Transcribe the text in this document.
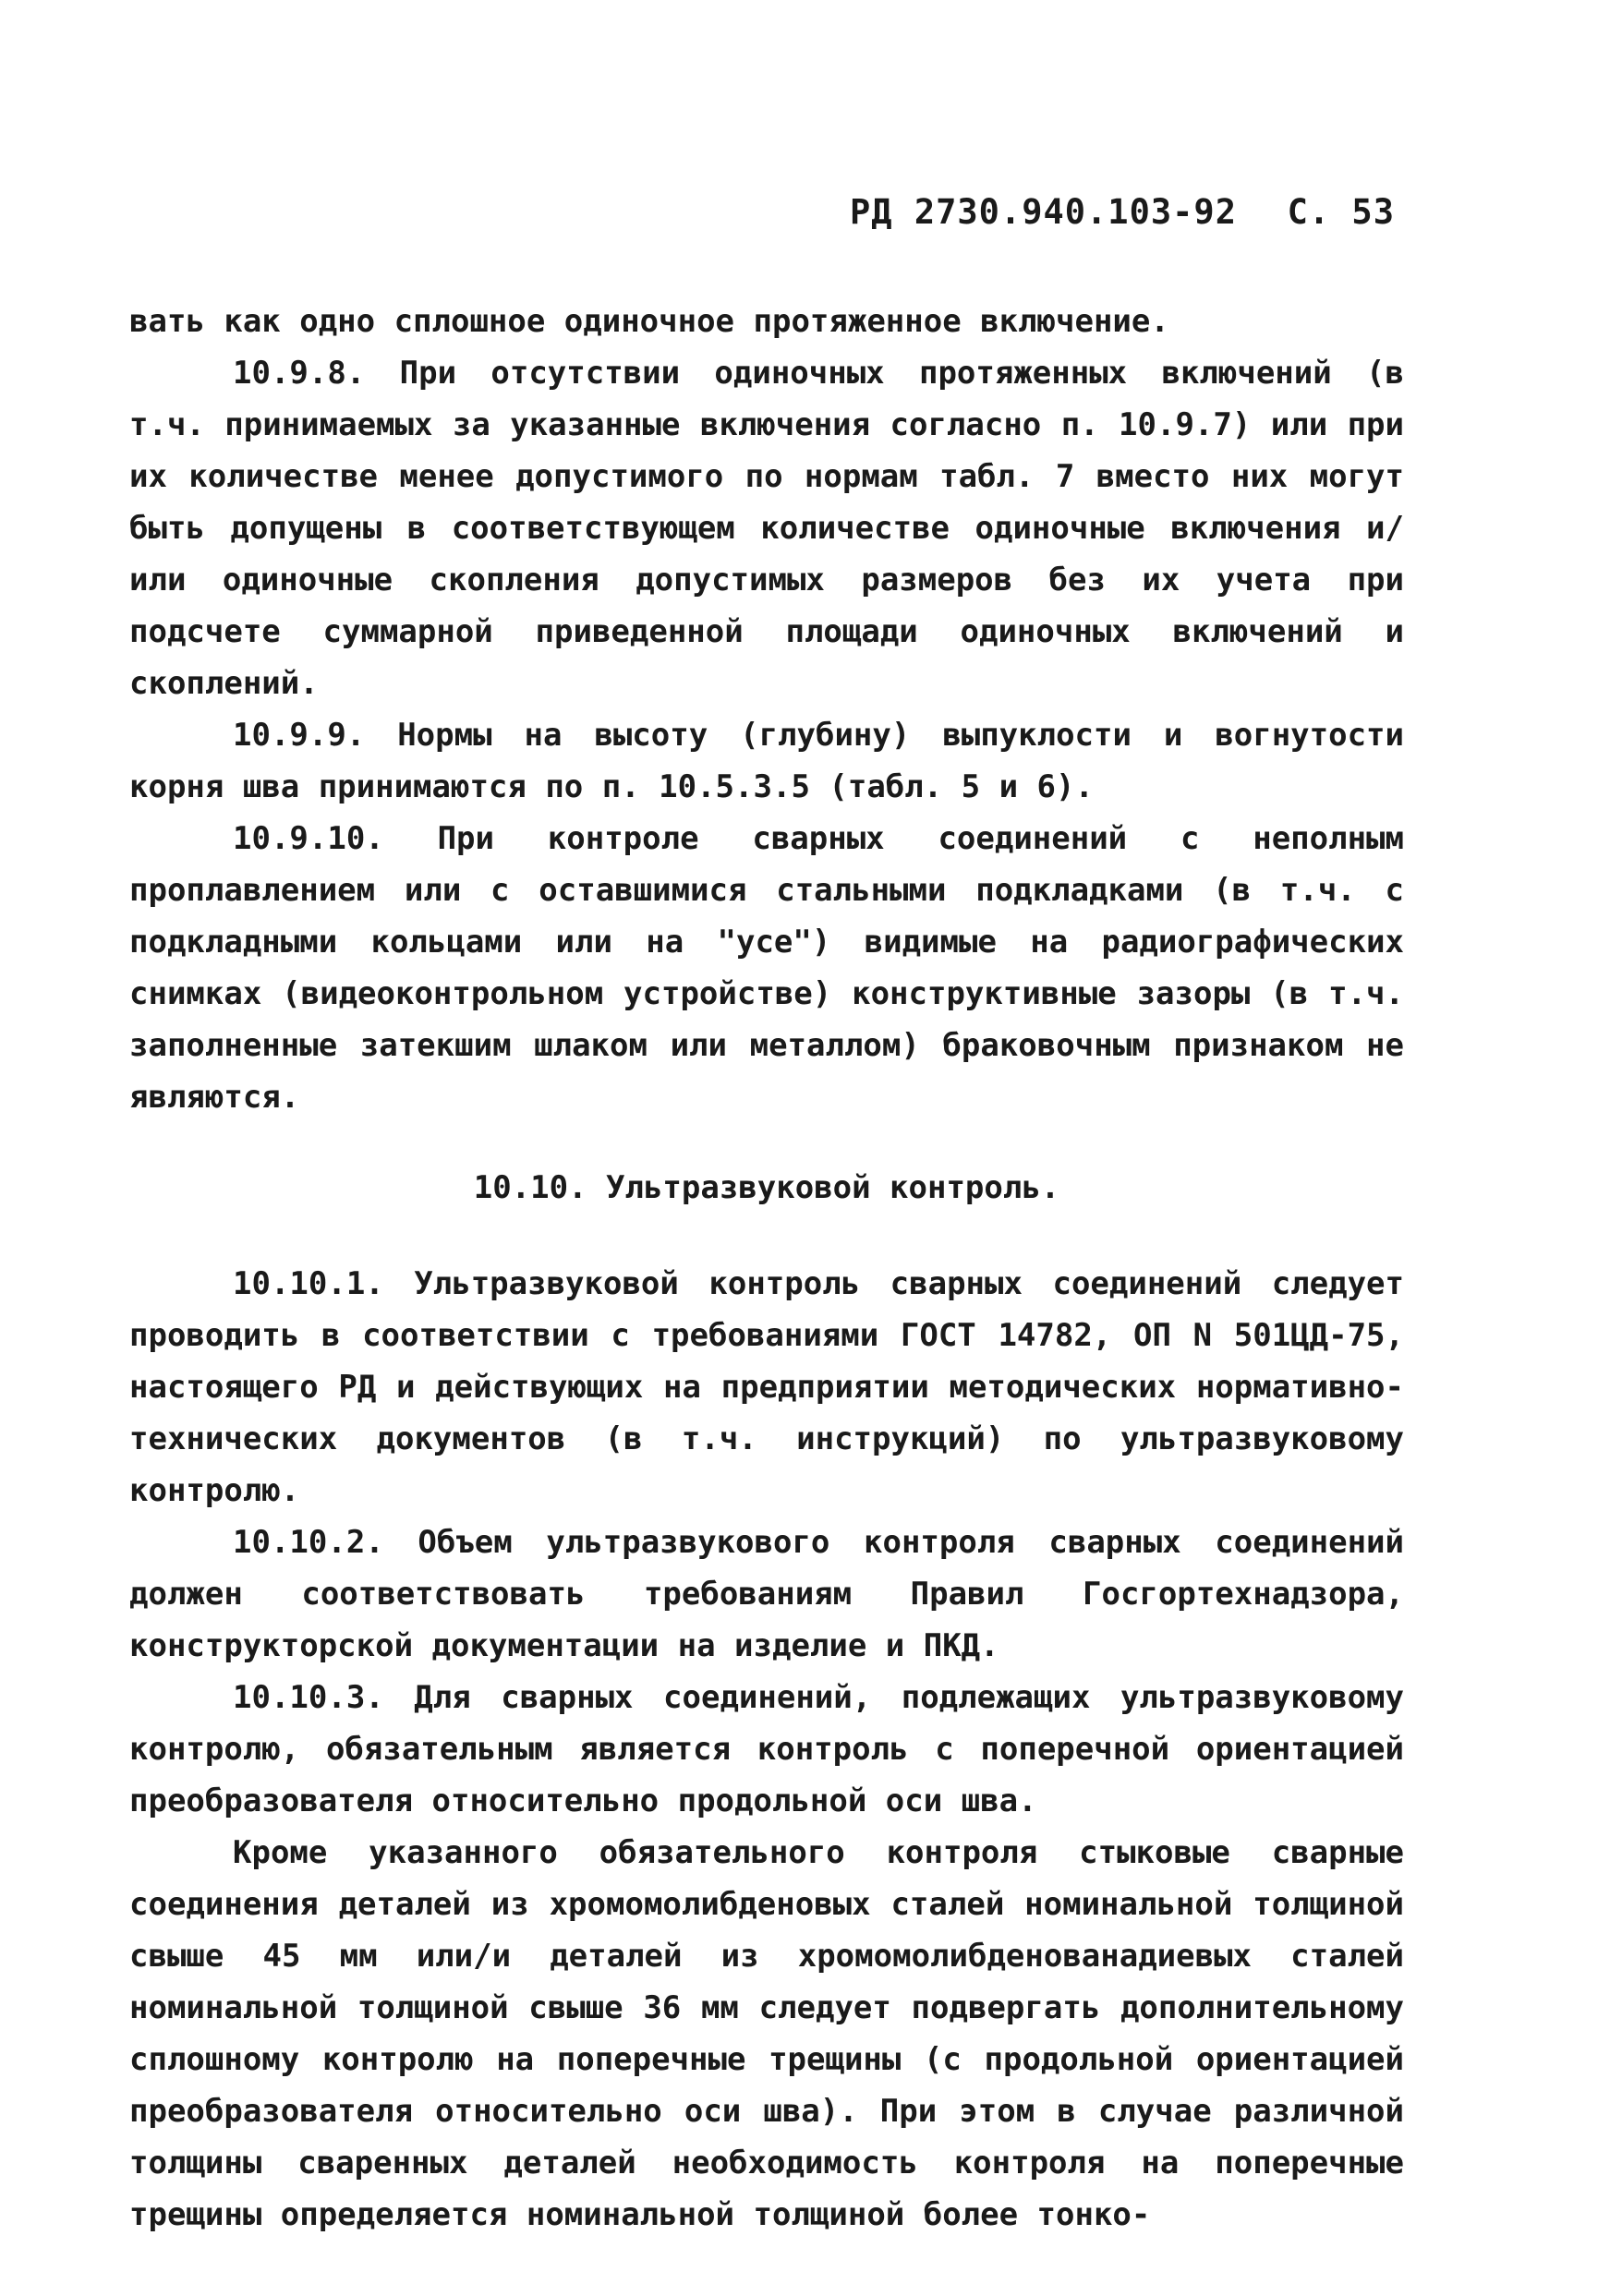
РД 2730.940.103-92 С. 53

вать как одно сплошное одиночное протяженное включение.

10.9.8. При отсутствии одиночных протяженных включений (в т.ч. принимаемых за указанные включения согласно п. 10.9.7) или при их количестве менее допустимого по нормам табл. 7 вместо них могут быть допущены в соответствующем количестве одиночные включения и/или одиночные скопления допустимых размеров без их учета при подсчете суммарной приведенной площади одиночных включений и скоплений.

10.9.9. Нормы на высоту (глубину) выпуклости и вогнутости корня шва принимаются по п. 10.5.3.5 (табл. 5 и 6).

10.9.10. При контроле сварных соединений с неполным проплавлением или с оставшимися стальными подкладками (в т.ч. с подкладными кольцами или на "усе") видимые на радиографических снимках (видеоконтрольном устройстве) конструктивные зазоры (в т.ч. заполненные затекшим шлаком или металлом) браковочным признаком не являются.

10.10. Ультразвуковой контроль.

10.10.1. Ультразвуковой контроль сварных соединений следует проводить в соответствии с требованиями ГОСТ 14782, ОП N 501ЦД-75, настоящего РД и действующих на предприятии методических нормативно-технических документов (в т.ч. инструкций) по ультразвуковому контролю.

10.10.2. Объем ультразвукового контроля сварных соединений должен соответствовать требованиям Правил Госгортехнадзора, конструкторской документации на изделие и ПКД.

10.10.3. Для сварных соединений, подлежащих ультразвуковому контролю, обязательным является контроль с поперечной ориентацией преобразователя относительно продольной оси шва.

Кроме указанного обязательного контроля стыковые сварные соединения деталей из хромомолибденовых сталей номинальной толщиной свыше 45 мм или/и деталей из хромомолибденованадиевых сталей номинальной толщиной свыше 36 мм следует подвергать дополнительному сплошному контролю на поперечные трещины (с продольной ориентацией преобразователя относительно оси шва). При этом в случае различной толщины сваренных деталей необходимость контроля на поперечные трещины определяется номинальной толщиной более тонко-
